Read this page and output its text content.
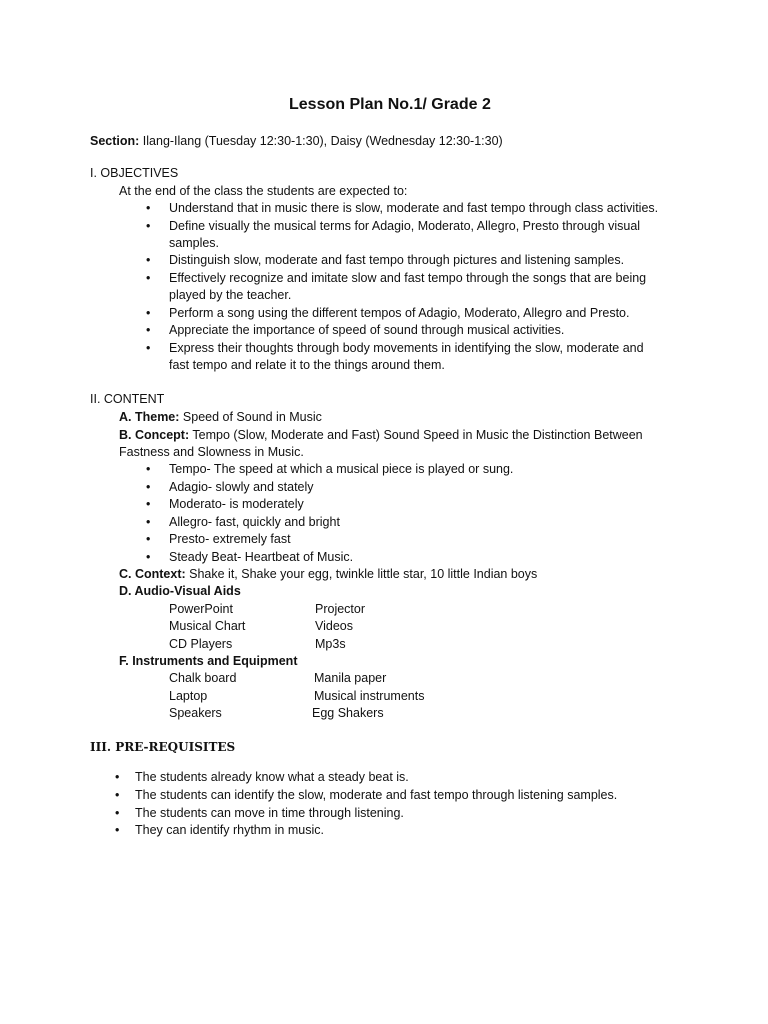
Lesson Plan No.1/ Grade 2
Section: Ilang-Ilang (Tuesday 12:30-1:30), Daisy (Wednesday 12:30-1:30)
I. OBJECTIVES
At the end of the class the students are expected to:
• Understand that in music there is slow, moderate and fast tempo through class activities.
• Define visually the musical terms for Adagio, Moderato, Allegro, Presto through visual
samples.
• Distinguish slow, moderate and fast tempo through pictures and listening samples.
• Effectively recognize and imitate slow and fast tempo through the songs that are being
played by the teacher.
• Perform a song using the different tempos of Adagio, Moderato, Allegro and Presto.
• Appreciate the importance of speed of sound through musical activities.
• Express their thoughts through body movements in identifying the slow, moderate and
fast tempo and relate it to the things around them.
II. CONTENT
A. Theme: Speed of Sound in Music
B. Concept: Tempo (Slow, Moderate and Fast) Sound Speed in Music the Distinction Between
Fastness and Slowness in Music.
• Tempo- The speed at which a musical piece is played or sung.
• Adagio- slowly and stately
• Moderato- is moderately
• Allegro- fast, quickly and bright
• Presto- extremely fast
• Steady Beat- Heartbeat of Music.
C. Context: Shake it, Shake your egg, twinkle little star, 10 little Indian boys
D. Audio-Visual Aids
PowerPoint	Projector
Musical Chart	Videos
CD Players	Mp3s
F. Instruments and Equipment
Chalk board	Manila paper
Laptop	Musical instruments
Speakers	Egg Shakers
III. PRE-REQUISITES
• The students already know what a steady beat is.
• The students can identify the slow, moderate and fast tempo through listening samples.
• The students can move in time through listening.
• They can identify rhythm in music.
